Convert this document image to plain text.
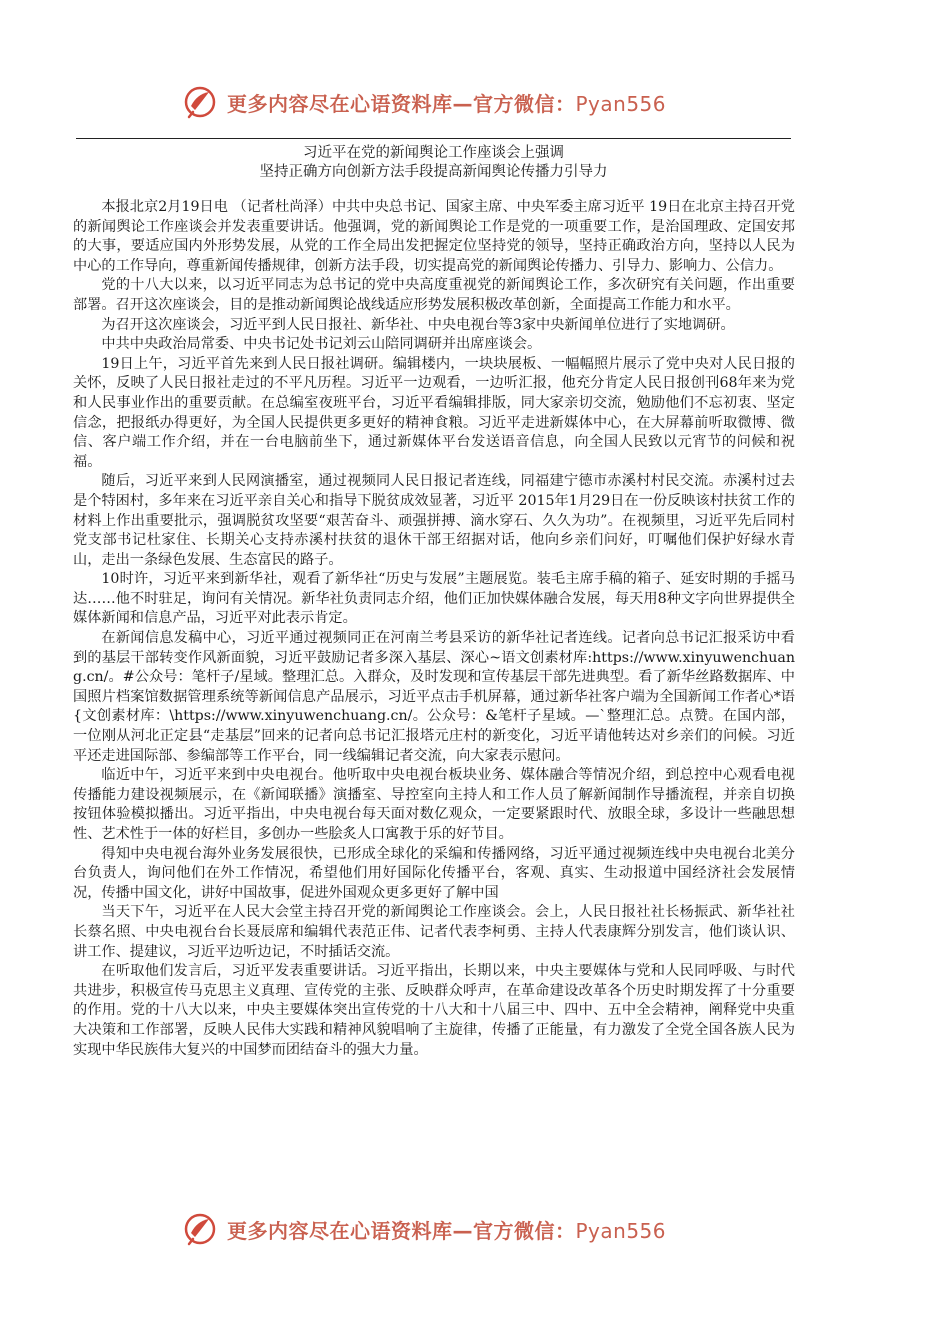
更多内容尽在心语资料库—官方微信：Pyan556
习近平在党的新闻舆论工作座谈会上强调
坚持正确方向创新方法手段提高新闻舆论传播力引导力

本报北京2月19日电 （记者杜尚泽）中共中央总书记、国家主席、中央军委主席习近平 19日在北京主持召开党的新闻舆论工作座谈会并发表重要讲话。他强调，党的新闻舆论工作是党的一项重要工作，是治国理政、定国安邦的大事，要适应国内外形势发展，从党的工作全局出发把握定位坚持党的领导，坚持正确政治方向，坚持以人民为中心的工作导向，尊重新闻传播规律，创新方法手段，切实提高党的新闻舆论传播力、引导力、影响力、公信力。

党的十八大以来，以习近平同志为总书记的党中央高度重视党的新闻舆论工作，多次研究有关问题，作出重要部署。召开这次座谈会，目的是推动新闻舆论战线适应形势发展积极改革创新，全面提高工作能力和水平。

为召开这次座谈会，习近平到人民日报社、新华社、中央电视台等3家中央新闻单位进行了实地调研。

中共中央政治局常委、中央书记处书记刘云山陪同调研并出席座谈会。

19日上午，习近平首先来到人民日报社调研。编辑楼内，一块块展板、一幅幅照片展示了党中央对人民日报的关怀，反映了人民日报社走过的不平凡历程。习近平一边观看，一边听汇报，他充分肯定人民日报创刊68年来为党和人民事业作出的重要贡献。在总编室夜班平台，习近平看编辑排版，同大家亲切交流，勉励他们不忘初衷、坚定信念，把报纸办得更好，为全国人民提供更多更好的精神食粮。习近平走进新媒体中心，在大屏幕前听取微博、微信、客户端工作介绍，并在一台电脑前坐下，通过新媒体平台发送语音信息，向全国人民致以元宵节的问候和祝福。

随后，习近平来到人民网演播室，通过视频同人民日报记者连线，同福建宁德市赤溪村村民交流。赤溪村过去是个特困村，多年来在习近平亲自关心和指导下脱贫成效显著，习近平 2015年1月29日在一份反映该村扶贫工作的材料上作出重要批示，强调脱贫攻坚要“艰苦奋斗、顽强拼搏、滴水穿石、久久为功”。在视频里，习近平先后同村党支部书记杜家住、长期关心支持赤溪村扶贫的退休干部王绍据对话，他向乡亲们问好，叮嘱他们保护好绿水青山，走出一条绿色发展、生态富民的路子。

10时许，习近平来到新华社，观看了新华社“历史与发展”主题展览。装毛主席手稿的箱子、延安时期的手摇马达……他不时驻足，询问有关情况。新华社负责同志介绍，他们正加快媒体融合发展，每天用8种文字向世界提供全媒体新闻和信息产品，习近平对此表示肯定。

在新闻信息发稿中心，习近平通过视频同正在河南兰考县采访的新华社记者连线。记者向总书记汇报采访中看到的基层干部转变作风新面貌，习近平鼓励记者多深入基层、深心~语文创素材库:https://www.xinyuwenchuang.cn/。#公众号：笔杆子/星域。整理汇总。入群众，及时发现和宣传基层干部先进典型。看了新华丝路数据库、中国照片档案馆数据管理系统等新闻信息产品展示，习近平点击手机屏幕，通过新华社客户端为全国新闻工作者心*语{文创素材库：\https://www.xinyuwenchuang.cn/。公众号：&笔杆子星域。—`整理汇总。点赞。在国内部，一位刚从河北正定县“走基层”回来的记者向总书记汇报塔元庄村的新变化，习近平请他转达对乡亲们的问候。习近平还走进国际部、参编部等工作平台，同一线编辑记者交流，向大家表示慰问。

临近中午，习近平来到中央电视台。他听取中央电视台板块业务、媒体融合等情况介绍，到总控中心观看电视传播能力建设视频展示，在《新闻联播》演播室、导控室向主持人和工作人员了解新闻制作导播流程，并亲自切换按钮体验模拟播出。习近平指出，中央电视台每天面对数亿观众，一定要紧跟时代、放眼全球，多设计一些融思想性、艺术性于一体的好栏目，多创办一些脍炙人口寓教于乐的好节目。

得知中央电视台海外业务发展很快，已形成全球化的采编和传播网络，习近平通过视频连线中央电视台北美分台负责人，询问他们在外工作情况，希望他们用好国际化传播平台，客观、真实、生动报道中国经济社会发展情况，传播中国文化，讲好中国故事，促进外国观众更多更好了解中国

当天下午，习近平在人民大会堂主持召开党的新闻舆论工作座谈会。会上，人民日报社社长杨振武、新华社社长蔡名照、中央电视台台长聂辰席和编辑代表范正伟、记者代表李柯勇、主持人代表康辉分别发言，他们谈认识、讲工作、提建议，习近平边听边记，不时插话交流。

在听取他们发言后，习近平发表重要讲话。习近平指出，长期以来，中央主要媒体与党和人民同呼吸、与时代共进步，积极宣传马克思主义真理、宣传党的主张、反映群众呼声，在革命建设改革各个历史时期发挥了十分重要的作用。党的十八大以来，中央主要媒体突出宣传党的十八大和十八届三中、四中、五中全会精神，阐释党中央重大决策和工作部署，反映人民伟大实践和精神风貌唱响了主旋律，传播了正能量，有力激发了全党全国各族人民为实现中华民族伟大复兴的中国梦而团结奋斗的强大力量。

更多内容尽在心语资料库—官方微信：Pyan556
